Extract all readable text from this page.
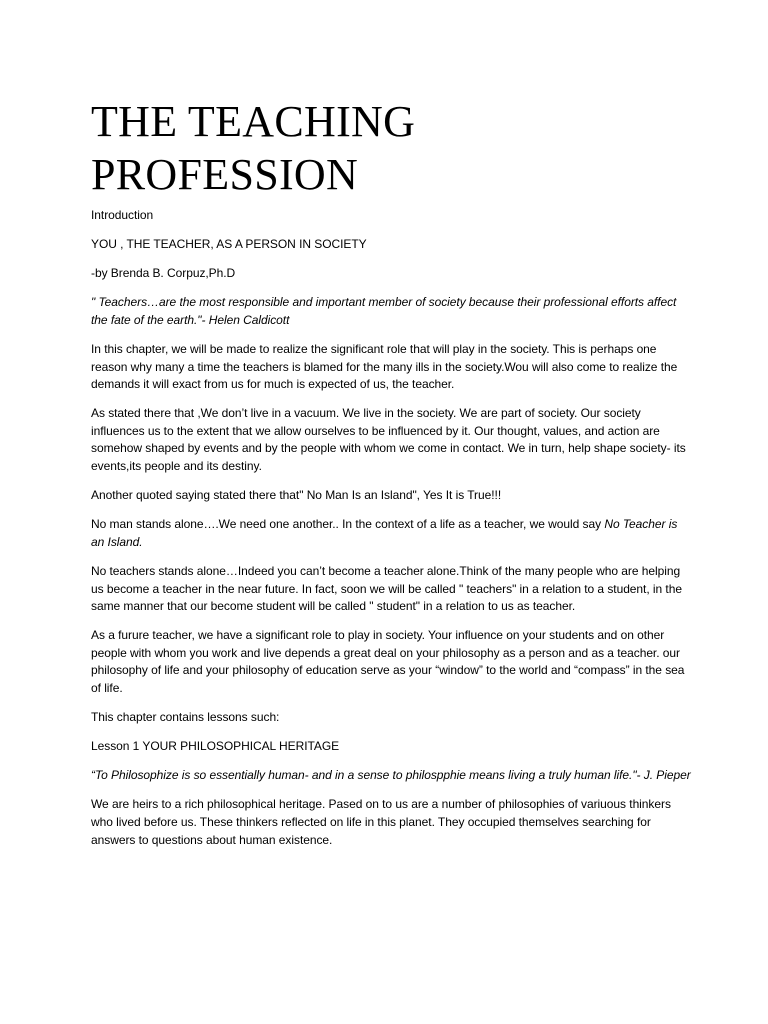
THE TEACHING
PROFESSION

Introduction

YOU , THE TEACHER, AS A PERSON IN SOCIETY

-by Brenda B. Corpuz,Ph.D

" Teachers…are the most responsible and important member of society because their professional efforts affect the fate of the earth."- Helen Caldicott

In this chapter, we will be made to realize the significant role that will play in the society. This is perhaps one reason why many a time the teachers is blamed for the many ills in the society.Wou will also come to realize the demands it will exact from us for much is expected of us, the teacher.

As stated there that ,We don’t live in a vacuum. We live in the society. We are part of society. Our society influences us to the extent that we allow ourselves to be influenced by it. Our thought, values, and action are somehow shaped by events and by the people with whom we come in contact. We in turn, help shape society- its events,its people and its destiny.

Another quoted saying stated there that" No Man Is an Island", Yes It is True!!!

No man stands alone….We need one another.. In the context of a life as a teacher, we would say No Teacher is an Island.

No teachers stands alone…Indeed you can’t become a teacher alone.Think of the many people who are helping us become a teacher in the near future. In fact, soon we will be called " teachers" in a relation to a student, in the same manner that our become student will be called " student" in a relation to us as teacher.

As a furure teacher, we have a significant role to play in society. Your influence on your students and on other people with whom you work and live depends a great deal on your philosophy as a person and as a teacher. our philosophy of life and your philosophy of education serve as your “window” to the world and “compass” in the sea of life.

This chapter contains lessons such:

Lesson 1 YOUR PHILOSOPHICAL HERITAGE

“To Philosophize is so essentially human- and in a sense to philospphie means living a truly human life."- J. Pieper

We are heirs to a rich philosophical heritage. Pased on to us are a number of philosophies of variuous thinkers who lived before us. These thinkers reflected on life in this planet. They occupied themselves searching for answers to questions about human existence.
